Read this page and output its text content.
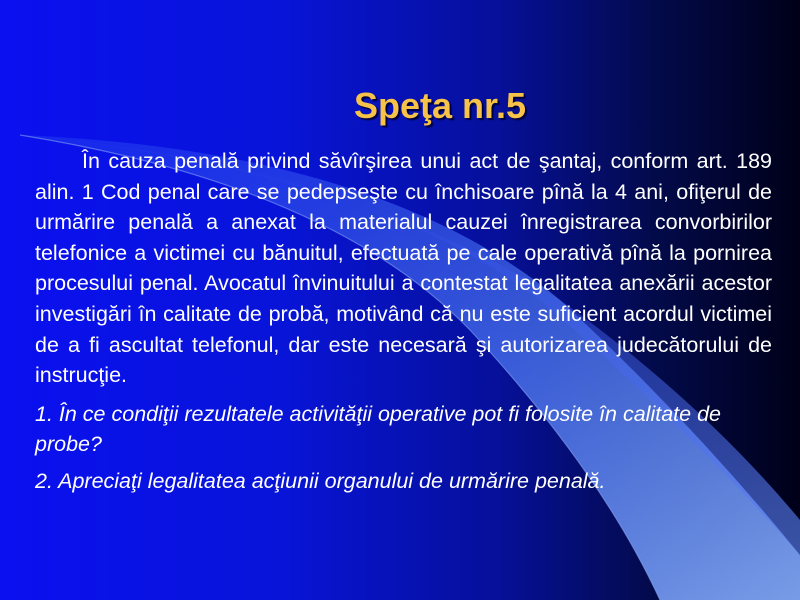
Speţa nr.5

În cauza penală privind săvîrşirea unui act de şantaj, conform art. 189 alin. 1 Cod penal care se pedepseşte cu închisoare pînă la 4 ani, ofiţerul de urmărire penală a anexat la materialul cauzei înregistrarea convorbirilor telefonice a victimei cu bănuitul, efectuată pe cale operativă pînă la pornirea procesului penal. Avocatul învinuitului a contestat legalitatea anexării acestor investigări în calitate de probă, motivând că nu este suficient acordul victimei de a fi ascultat telefonul, dar este necesară şi autorizarea judecătorului de instrucţie.

1. În ce condiţii rezultatele activităţii operative pot fi folosite în calitate de probe?

2. Apreciaţi legalitatea acţiunii organului de urmărire penală.
